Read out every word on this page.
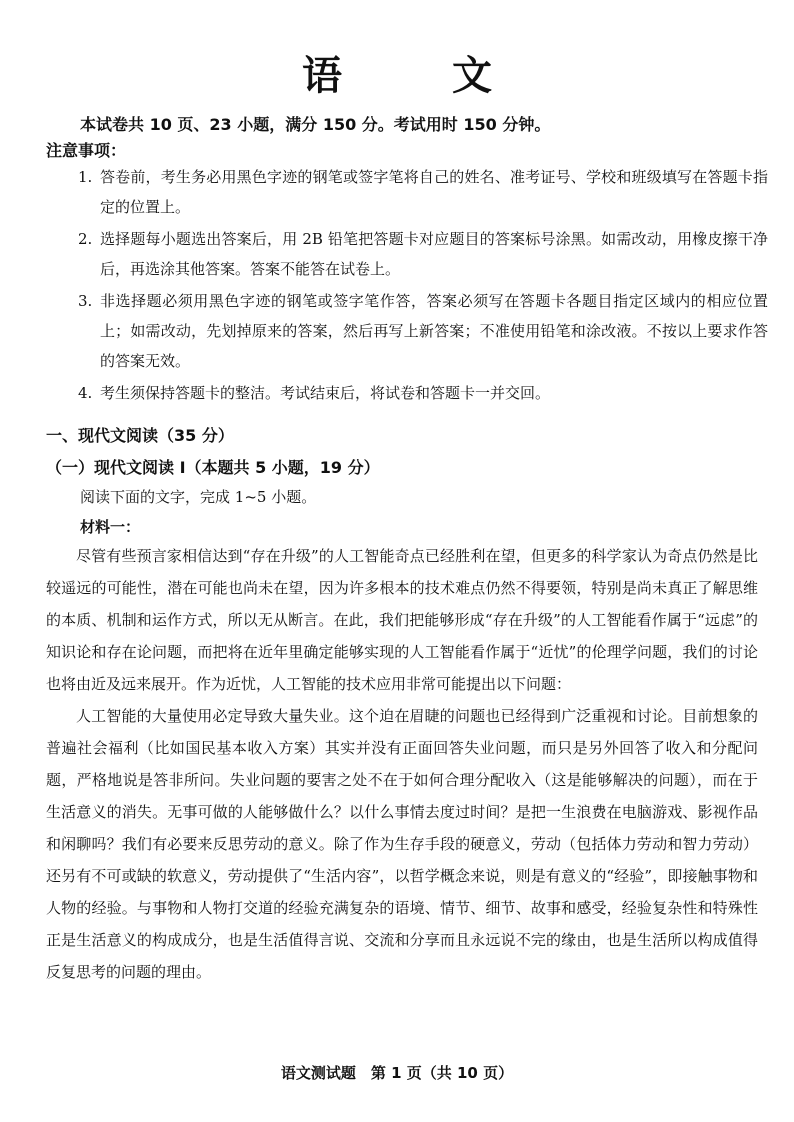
语 文
本试卷共 10 页、23 小题，满分 150 分。考试用时 150 分钟。
注意事项：
1. 答卷前，考生务必用黑色字迹的钢笔或签字笔将自己的姓名、准考证号、学校和班级填写在答题卡指定的位置上。
2. 选择题每小题选出答案后，用 2B 铅笔把答题卡对应题目的答案标号涂黑。如需改动，用橡皮擦干净后，再选涂其他答案。答案不能答在试卷上。
3. 非选择题必须用黑色字迹的钢笔或签字笔作答，答案必须写在答题卡各题目指定区域内的相应位置上；如需改动，先划掉原来的答案，然后再写上新答案；不准使用铅笔和涂改液。不按以上要求作答的答案无效。
4. 考生须保持答题卡的整洁。考试结束后，将试卷和答题卡一并交回。
一、现代文阅读（35 分）
（一）现代文阅读 I（本题共 5 小题，19 分）
阅读下面的文字，完成 1~5 小题。
材料一：

尽管有些预言家相信达到“存在升级”的人工智能奇点已经胜利在望，但更多的科学家认为奇点仍然是比较遥远的可能性，潜在可能也尚未在望，因为许多根本的技术难点仍然不得要领，特别是尚未真正了解思维的本质、机制和运作方式，所以无从断言。在此，我们把能够形成“存在升级”的人工智能看作属于“远虑”的知识论和存在论问题，而把将在近年里确定能够实现的人工智能看作属于“近忧”的伦理学问题，我们的讨论也将由近及远来展开。作为近忧，人工智能的技术应用非常可能提出以下问题：

人工智能的大量使用必定导致大量失业。这个迫在眉睫的问题也已经得到广泛重视和讨论。目前想象的普遍社会福利（比如国民基本收入方案）其实并没有正面回答失业问题，而只是另外回答了收入和分配问题，严格地说是答非所问。失业问题的要害之处不在于如何合理分配收入（这是能够解决的问题），而在于生活意义的消失。无事可做的人能够做什么？以什么事情去度过时间？是把一生浪费在电脑游戏、影视作品和闲聊吗？我们有必要来反思劳动的意义。除了作为生存手段的硬意义，劳动（包括体力劳动和智力劳动）还另有不可或缺的软意义，劳动提供了“生活内容”，以哲学概念来说，则是有意义的“经验”，即接触事物和人物的经验。与事物和人物打交道的经验充满复杂的语境、情节、细节、故事和感受，经验复杂性和特殊性正是生活意义的构成成分，也是生活值得言说、交流和分享而且永远说不完的缘由，也是生活所以构成值得反复思考的问题的理由。

语文测试题　第 1 页（共 10 页）
